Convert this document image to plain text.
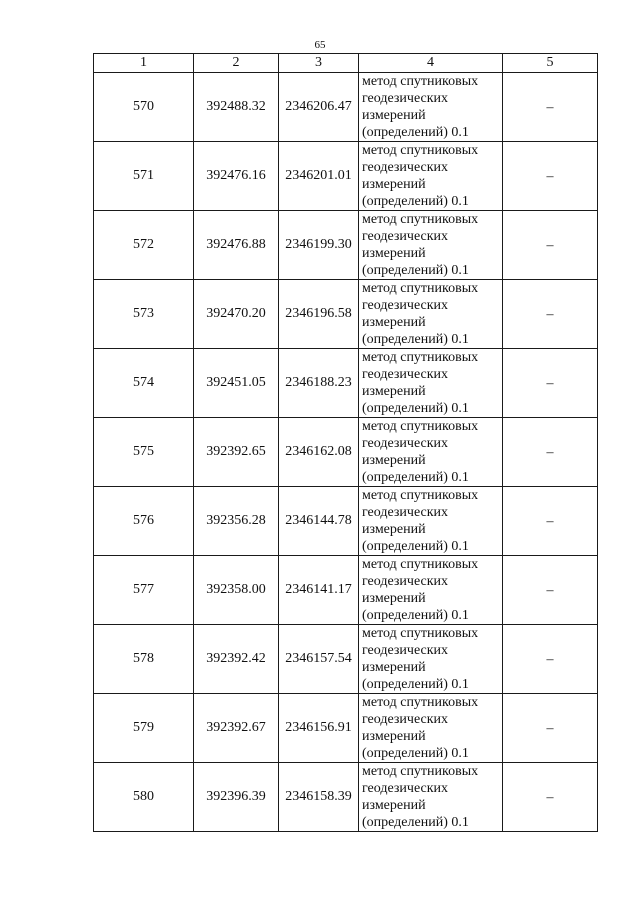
65
1	2	3	4	5
570	392488.32	2346206.47	метод спутниковых
геодезических
измерений
(определений) 0.1	–
571	392476.16	2346201.01	метод спутниковых
геодезических
измерений
(определений) 0.1	–
572	392476.88	2346199.30	метод спутниковых
геодезических
измерений
(определений) 0.1	–
573	392470.20	2346196.58	метод спутниковых
геодезических
измерений
(определений) 0.1	–
574	392451.05	2346188.23	метод спутниковых
геодезических
измерений
(определений) 0.1	–
575	392392.65	2346162.08	метод спутниковых
геодезических
измерений
(определений) 0.1	–
576	392356.28	2346144.78	метод спутниковых
геодезических
измерений
(определений) 0.1	–
577	392358.00	2346141.17	метод спутниковых
геодезических
измерений
(определений) 0.1	–
578	392392.42	2346157.54	метод спутниковых
геодезических
измерений
(определений) 0.1	–
579	392392.67	2346156.91	метод спутниковых
геодезических
измерений
(определений) 0.1	–
580	392396.39	2346158.39	метод спутниковых
геодезических
измерений
(определений) 0.1	–
